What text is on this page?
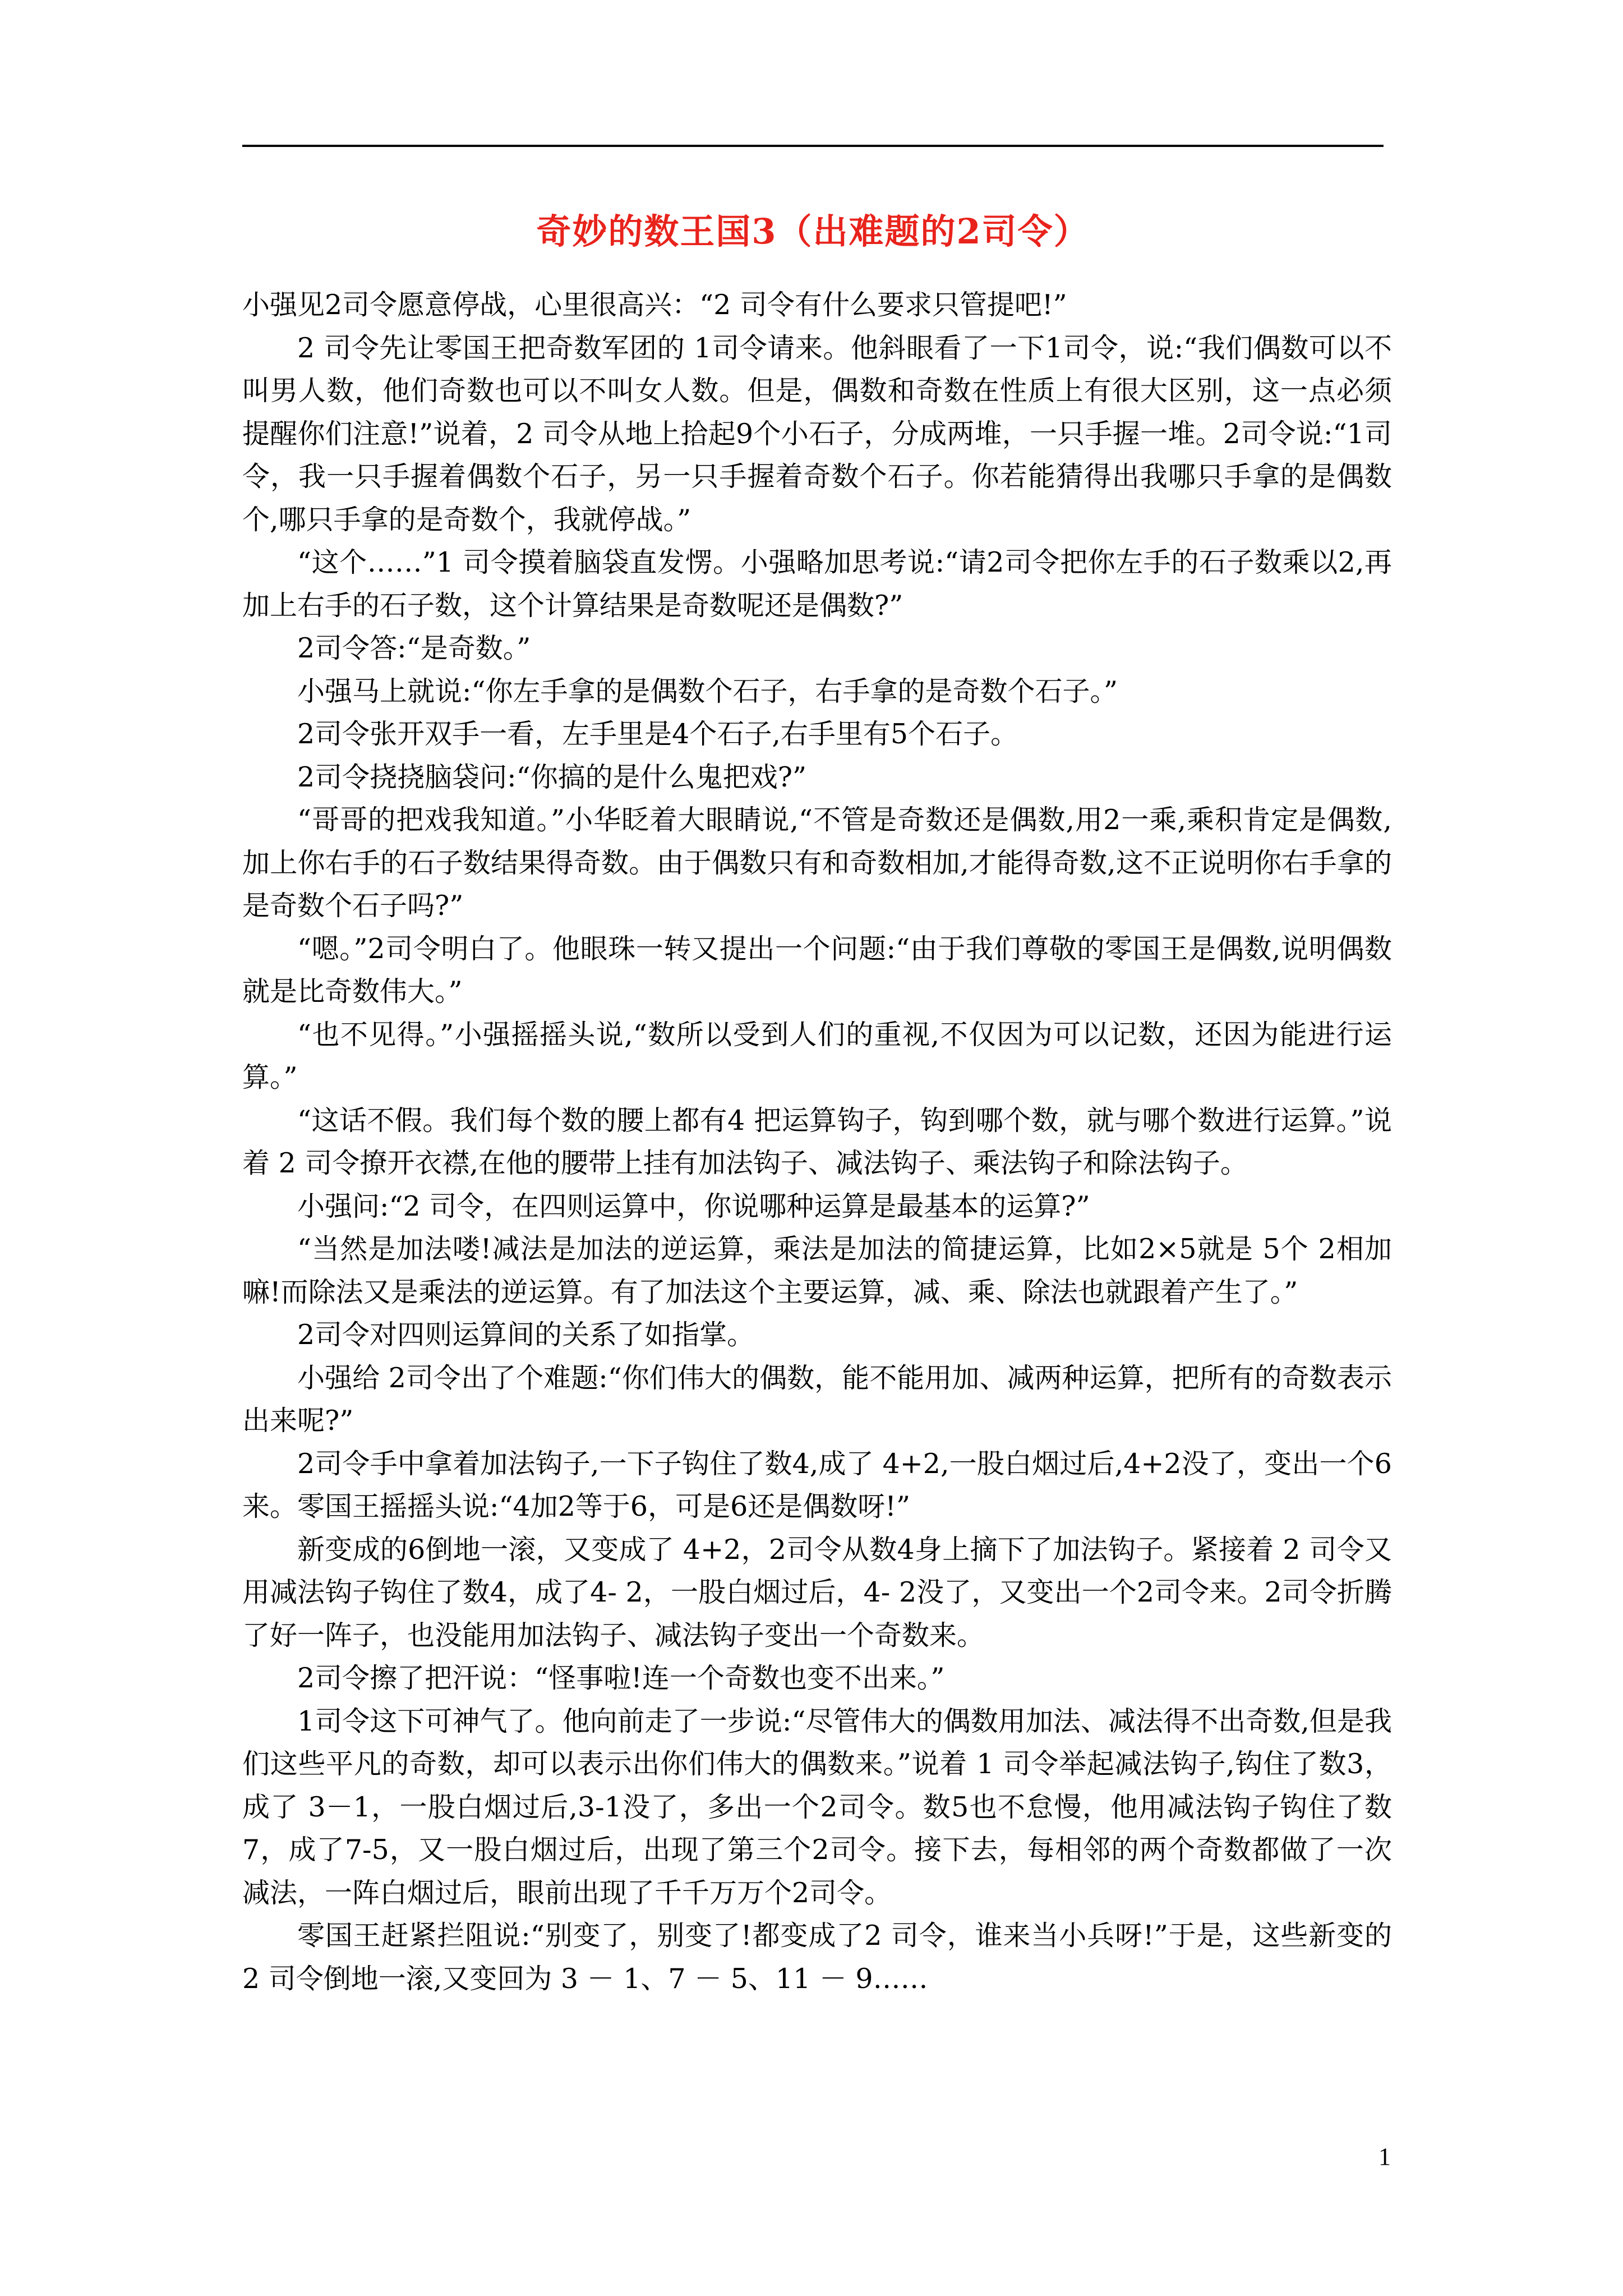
奇妙的数王国3（出难题的2司令）

小强见2司令愿意停战，心里很高兴：“2 司令有什么要求只管提吧!”

2 司令先让零国王把奇数军团的 1司令请来。他斜眼看了一下1司令，说:“我们偶数可以不叫男人数，他们奇数也可以不叫女人数。但是，偶数和奇数在性质上有很大区别，这一点必须提醒你们注意!”说着，2 司令从地上拾起9个小石子，分成两堆，一只手握一堆。2司令说:“1司令，我一只手握着偶数个石子，另一只手握着奇数个石子。你若能猜得出我哪只手拿的是偶数个,哪只手拿的是奇数个，我就停战。”

“这个……”1 司令摸着脑袋直发愣。小强略加思考说:“请2司令把你左手的石子数乘以2,再加上右手的石子数，这个计算结果是奇数呢还是偶数?”

2司令答:“是奇数。”

小强马上就说:“你左手拿的是偶数个石子，右手拿的是奇数个石子。”

2司令张开双手一看，左手里是4个石子,右手里有5个石子。

2司令挠挠脑袋问:“你搞的是什么鬼把戏?”

“哥哥的把戏我知道。”小华眨着大眼睛说,“不管是奇数还是偶数,用2一乘,乘积肯定是偶数,加上你右手的石子数结果得奇数。由于偶数只有和奇数相加,才能得奇数,这不正说明你右手拿的是奇数个石子吗?”

“嗯。”2司令明白了。他眼珠一转又提出一个问题:“由于我们尊敬的零国王是偶数,说明偶数就是比奇数伟大。”

“也不见得。”小强摇摇头说,“数所以受到人们的重视,不仅因为可以记数，还因为能进行运算。”

“这话不假。我们每个数的腰上都有4 把运算钩子，钩到哪个数，就与哪个数进行运算。”说着 2 司令撩开衣襟,在他的腰带上挂有加法钩子、减法钩子、乘法钩子和除法钩子。

小强问:“2 司令，在四则运算中，你说哪种运算是最基本的运算?”

“当然是加法喽!减法是加法的逆运算，乘法是加法的简捷运算，比如2×5就是 5个 2相加嘛!而除法又是乘法的逆运算。有了加法这个主要运算，减、乘、除法也就跟着产生了。”

2司令对四则运算间的关系了如指掌。

小强给 2司令出了个难题:“你们伟大的偶数，能不能用加、减两种运算，把所有的奇数表示出来呢?”

2司令手中拿着加法钩子,一下子钩住了数4,成了 4+2,一股白烟过后,4+2没了，变出一个6来。零国王摇摇头说:“4加2等于6，可是6还是偶数呀!”

新变成的6倒地一滚，又变成了 4+2，2司令从数4身上摘下了加法钩子。紧接着 2 司令又用减法钩子钩住了数4，成了4- 2，一股白烟过后，4- 2没了，又变出一个2司令来。2司令折腾了好一阵子，也没能用加法钩子、减法钩子变出一个奇数来。

2司令擦了把汗说：“怪事啦!连一个奇数也变不出来。”

1司令这下可神气了。他向前走了一步说:“尽管伟大的偶数用加法、减法得不出奇数,但是我们这些平凡的奇数，却可以表示出你们伟大的偶数来。”说着 1 司令举起减法钩子,钩住了数3，成了 3－1，一股白烟过后,3-1没了，多出一个2司令。数5也不怠慢，他用减法钩子钩住了数7，成了7-5，又一股白烟过后，出现了第三个2司令。接下去，每相邻的两个奇数都做了一次减法，一阵白烟过后，眼前出现了千千万万个2司令。

零国王赶紧拦阻说:“别变了，别变了!都变成了2 司令，谁来当小兵呀!”于是，这些新变的 2 司令倒地一滚,又变回为 3 － 1、7 － 5、11 － 9……

1
